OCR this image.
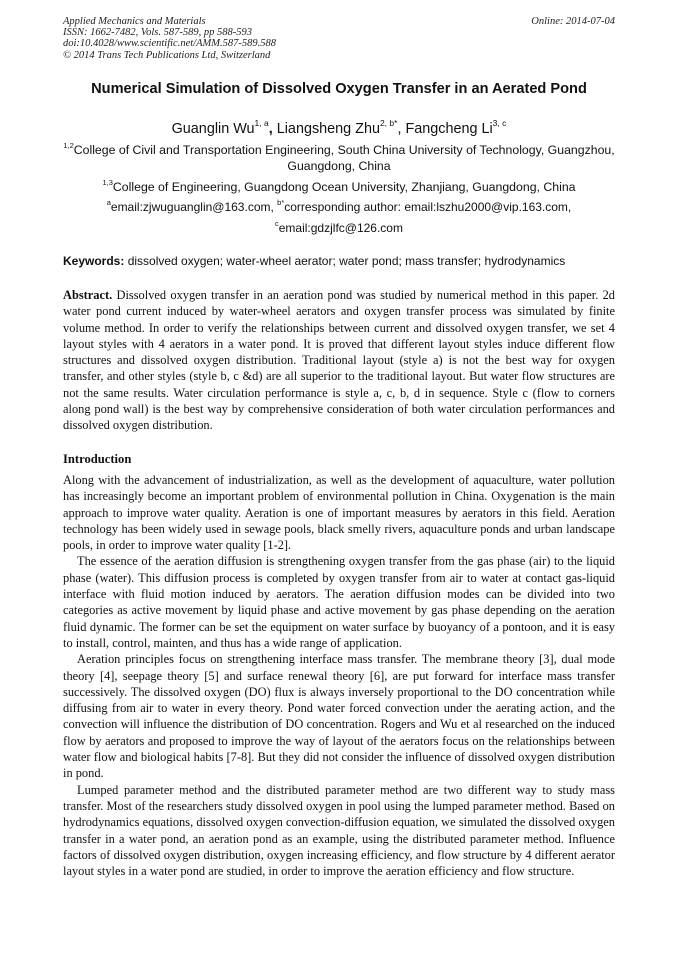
Online: 2014-07-04
Applied Mechanics and Materials
ISSN: 1662-7482, Vols. 587-589, pp 588-593
doi:10.4028/www.scientific.net/AMM.587-589.588
© 2014 Trans Tech Publications Ltd, Switzerland
Numerical Simulation of Dissolved Oxygen Transfer in an Aerated Pond
Guanglin Wu$^{1, a}$, Liangsheng Zhu$^{2, b*}$, Fangcheng Li$^{3, c}$
$^{1,2}$College of Civil and Transportation Engineering, South China University of Technology, Guangzhou, Guangdong, China
$^{1,3}$College of Engineering, Guangdong Ocean University, Zhanjiang, Guangdong, China
$^a$email:zjwuguanglin@163.com, $^{b*}$corresponding author: email:lszhu2000@vip.163.com,
$^c$email:gdzjlfc@126.com
Keywords: dissolved oxygen; water-wheel aerator; water pond; mass transfer; hydrodynamics
Abstract. Dissolved oxygen transfer in an aeration pond was studied by numerical method in this paper. 2d water pond current induced by water-wheel aerators and oxygen transfer process was simulated by finite volume method. In order to verify the relationships between current and dissolved oxygen transfer, we set 4 layout styles with 4 aerators in a water pond. It is proved that different layout styles induce different flow structures and dissolved oxygen distribution. Traditional layout (style a) is not the best way for oxygen transfer, and other styles (style b, c &d) are all superior to the traditional layout. But water flow structures are not the same results. Water circulation performance is style a, c, b, d in sequence. Style c (flow to corners along pond wall) is the best way by comprehensive consideration of both water circulation performances and dissolved oxygen distribution.
Introduction

Along with the advancement of industrialization, as well as the development of aquaculture, water pollution has increasingly become an important problem of environmental pollution in China. Oxygenation is the main approach to improve water quality. Aeration is one of important measures by aerators in this field. Aeration technology has been widely used in sewage pools, black smelly rivers, aquaculture ponds and urban landscape pools, in order to improve water quality [1-2].

The essence of the aeration diffusion is strengthening oxygen transfer from the gas phase (air) to the liquid phase (water). This diffusion process is completed by oxygen transfer from air to water at contact gas-liquid interface with fluid motion induced by aerators. The aeration diffusion modes can be divided into two categories as active movement by liquid phase and active movement by gas phase depending on the aeration fluid dynamic. The former can be set the equipment on water surface by buoyancy of a pontoon, and it is easy to install, control, mainten, and thus has a wide range of application.

Aeration principles focus on strengthening interface mass transfer. The membrane theory [3], dual mode theory [4], seepage theory [5] and surface renewal theory [6], are put forward for interface mass transfer successively. The dissolved oxygen (DO) flux is always inversely proportional to the DO concentration while diffusing from air to water in every theory. Pond water forced convection under the aerating action, and the convection will influence the distribution of DO concentration. Rogers and Wu et al researched on the induced flow by aerators and proposed to improve the way of layout of the aerators focus on the relationships between water flow and biological habits [7-8]. But they did not consider the influence of dissolved oxygen distribution in pond.

Lumped parameter method and the distributed parameter method are two different way to study mass transfer. Most of the researchers study dissolved oxygen in pool using the lumped parameter method. Based on hydrodynamics equations, dissolved oxygen convection-diffusion equation, we simulated the dissolved oxygen transfer in a water pond, an aeration pond as an example, using the distributed parameter method. Influence factors of dissolved oxygen distribution, oxygen increasing efficiency, and flow structure by 4 different aerator layout styles in a water pond are studied, in order to improve the aeration efficiency and flow structure.
